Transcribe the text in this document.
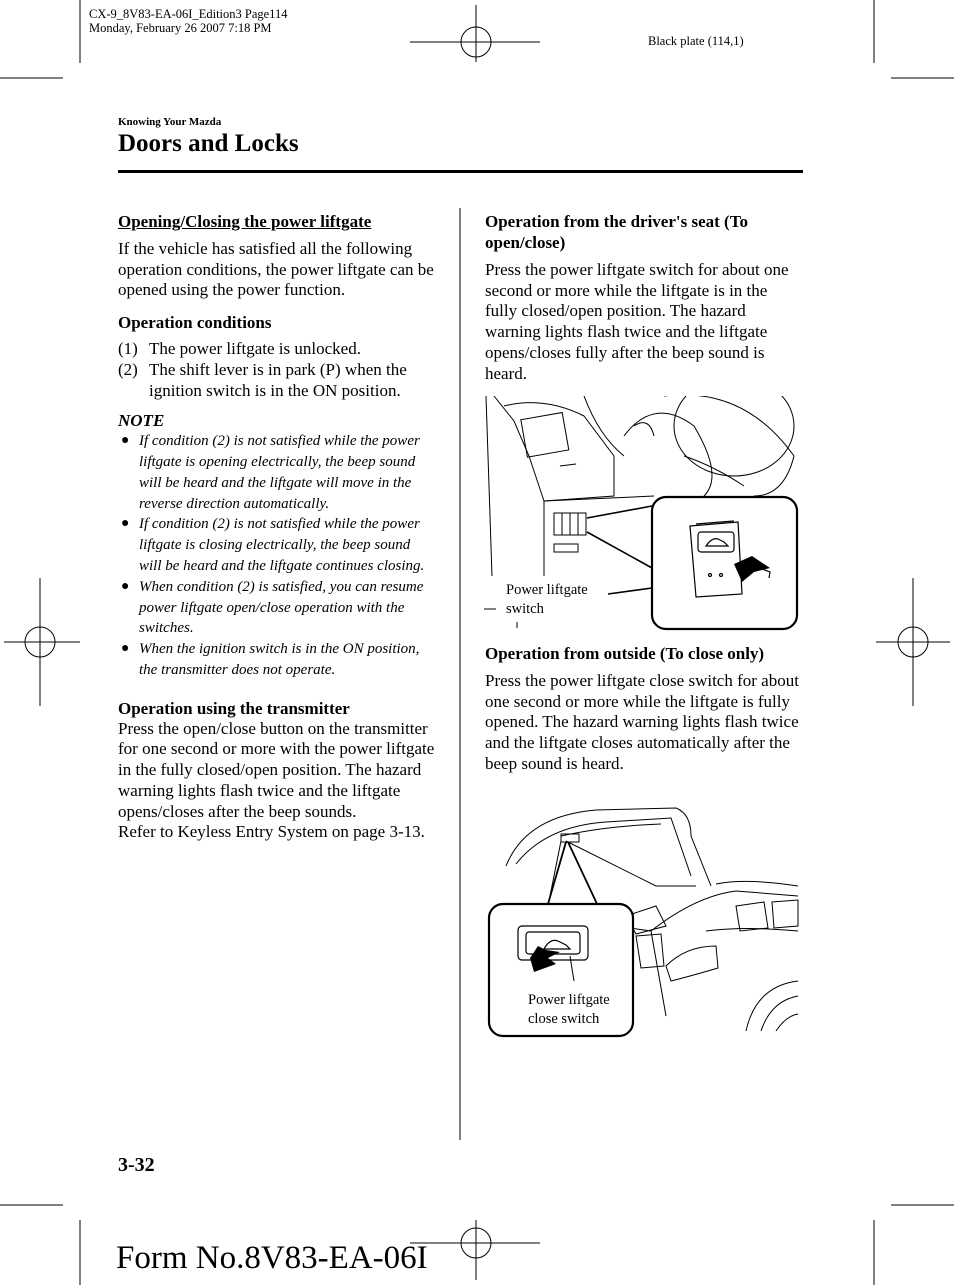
CX-9_8V83-EA-06I_Edition3 Page114
Monday, February 26 2007 7:18 PM
Black plate (114,1)
Knowing Your Mazda
Doors and Locks
Opening/Closing the power liftgate

If the vehicle has satisfied all the following operation conditions, the power liftgate can be opened using the power function.

Operation conditions
(1) The power liftgate is unlocked.
(2) The shift lever is in park (P) when the ignition switch is in the ON position.
NOTE
● If condition (2) is not satisfied while the power liftgate is opening electrically, the beep sound will be heard and the liftgate will move in the reverse direction automatically.
● If condition (2) is not satisfied while the power liftgate is closing electrically, the beep sound will be heard and the liftgate continues closing.
● When condition (2) is satisfied, you can resume power liftgate open/close operation with the switches.
● When the ignition switch is in the ON position, the transmitter does not operate.
Operation using the transmitter

Press the open/close button on the transmitter for one second or more with the power liftgate in the fully closed/open position. The hazard warning lights flash twice and the liftgate opens/closes after the beep sounds.

Refer to Keyless Entry System on page 3-13.

Operation from the driver's seat (To open/close)

Press the power liftgate switch for about one second or more while the liftgate is in the fully closed/open position. The hazard warning lights flash twice and the liftgate opens/closes fully after the beep sound is heard.

Power liftgate
switch
Operation from outside (To close only)

Press the power liftgate close switch for about one second or more while the liftgate is fully opened. The hazard warning lights flash twice and the liftgate closes automatically after the beep sound is heard.

Power liftgate
close switch
3-32
Form No.8V83-EA-06I
